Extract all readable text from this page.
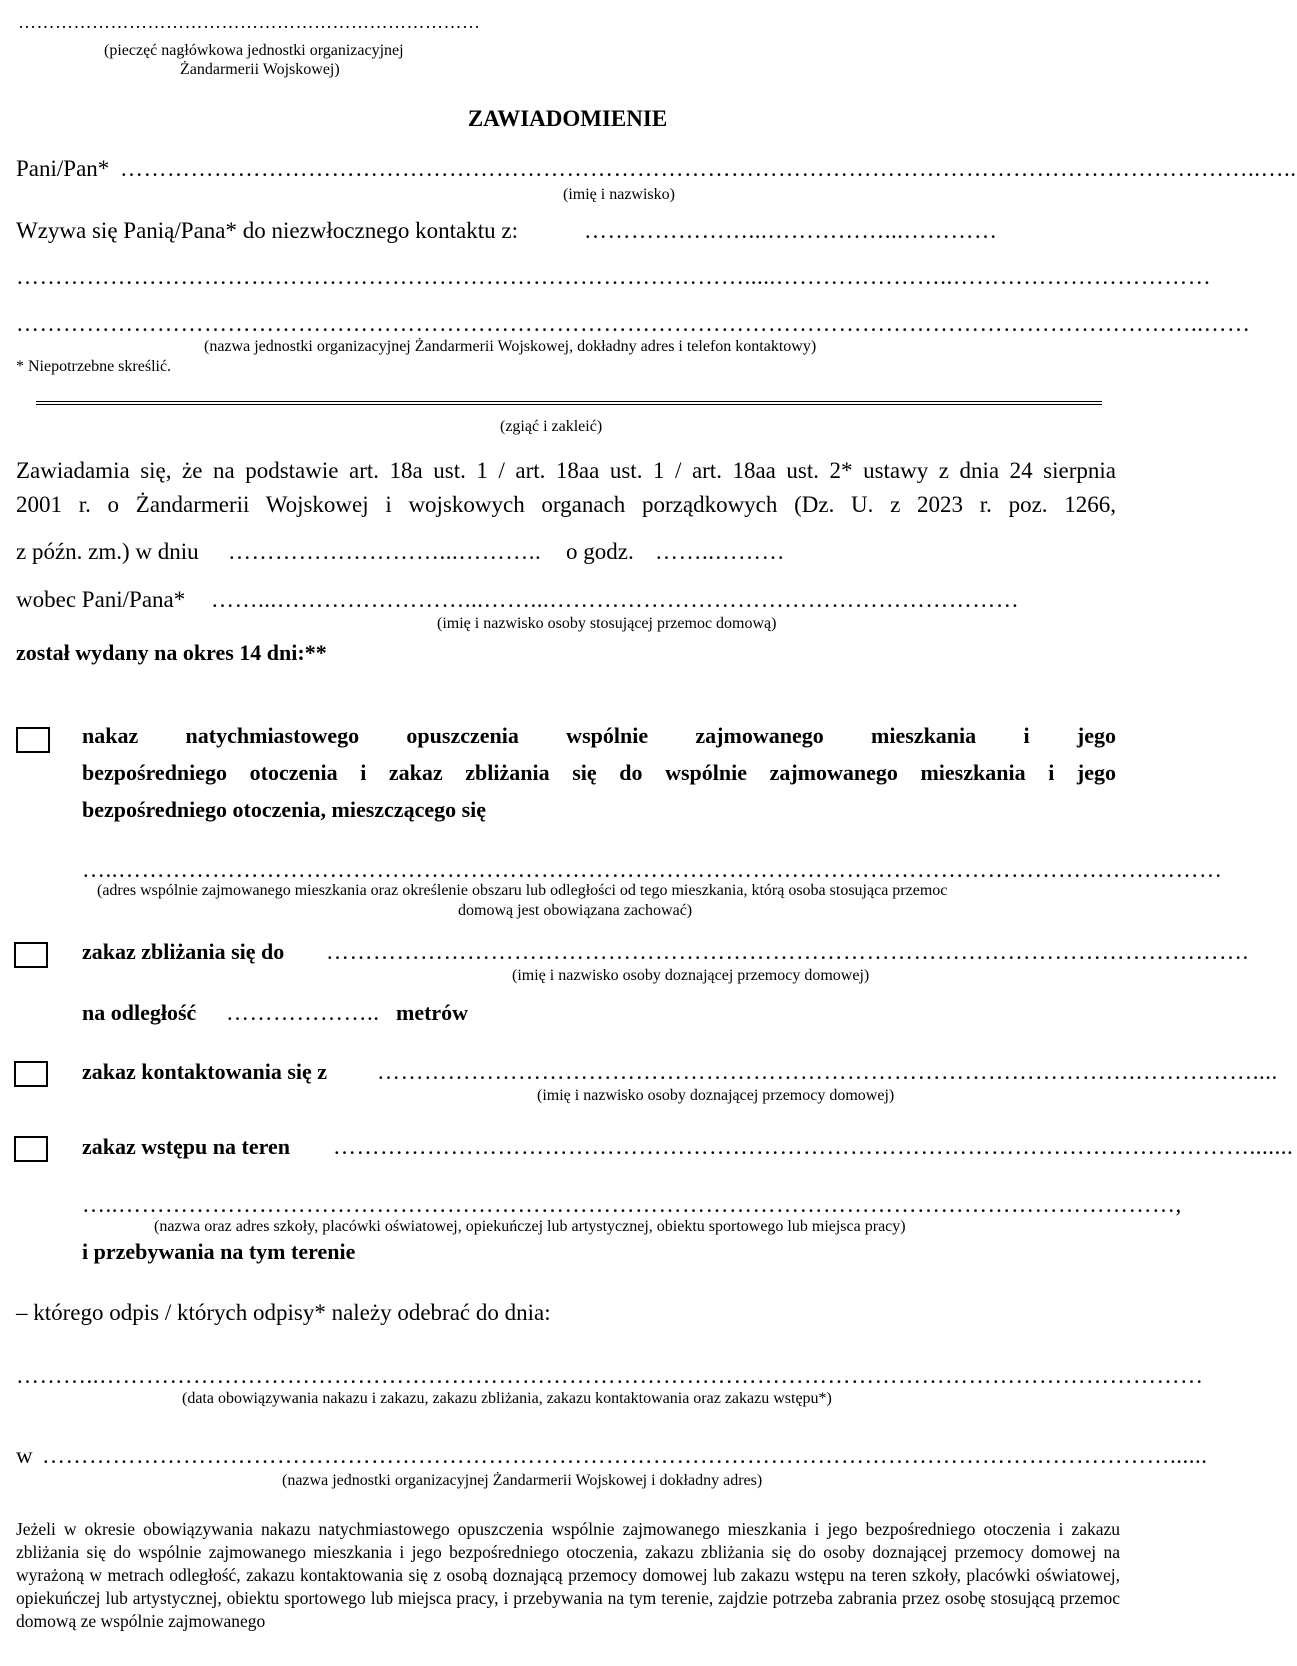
…………………………………………………………………
(pieczęć nagłówkowa jednostki organizacyjnej
Żandarmerii Wojskowej)
ZAWIADOMIENIE
Pani/Pan* ………………………………………………………………………………………………………………………………..…..
(imię i nazwisko)
Wzywa się Panią/Pana* do niezwłocznego kontaktu z:	…………………...……………...…………
………………………………………………………………………………….....…………………..……………………………
……………………………………………………………………………………………………………………………………..……
(nazwa jednostki organizacyjnej Żandarmerii Wojskowej, dokładny adres i telefon kontaktowy)
* Niepotrzebne skreślić.
(zgiąć i zakleić)
Zawiadamia się, że na podstawie art. 18a ust. 1 / art. 18aa ust. 1 / art. 18aa ust. 2* ustawy z dnia 24 sierpnia
2001 r. o Żandarmerii Wojskowej i wojskowych organach porządkowych (Dz. U. z 2023 r. poz. 1266,
z późn. zm.) w dniu ………………………...………..	o godz. ……..………
wobec Pani/Pana* ……...……………………...……...……………………………………………………
(imię i nazwisko osoby stosującej przemoc domową)
został wydany na okres 14 dni:**
nakaz natychmiastowego opuszczenia wspólnie zajmowanego mieszkania i jego
bezpośredniego otoczenia i zakaz zbliżania się do wspólnie zajmowanego mieszkania i jego
bezpośredniego otoczenia, mieszczącego się
…..……………………………………………………………………………………………………………………………
(adres wspólnie zajmowanego mieszkania oraz określenie obszaru lub odległości od tego mieszkania, którą osoba stosująca przemoc
domową jest obowiązana zachować)
zakaz zbliżania się do ……………………………………………………………………………………………………….
(imię i nazwisko osoby doznającej przemocy domowej)
na odległość ……………….. metrów
zakaz kontaktowania się z …………………………………………………………………………………….……………....
(imię i nazwisko osoby doznającej przemocy domowej)
zakaz wstępu na teren ……………………………………………………………………………………………………….......
…..………………………………………………………………………………………………………………………,
(nazwa oraz adres szkoły, placówki oświatowej, opiekuńczej lub artystycznej, obiektu sportowego lub miejsca pracy)
i przebywania na tym terenie
– którego odpis / których odpisy* należy odebrać do dnia:
………..……………………………………………………………………………………………………………………………
(data obowiązywania nakazu i zakazu, zakazu zbliżania, zakazu kontaktowania oraz zakazu wstępu*)
w ………………………………………………………………………………………………………………………………......
(nazwa jednostki organizacyjnej Żandarmerii Wojskowej i dokładny adres)
Jeżeli w okresie obowiązywania nakazu natychmiastowego opuszczenia wspólnie zajmowanego mieszkania i jego bezpośredniego otoczenia i zakazu zbliżania się do wspólnie zajmowanego mieszkania i jego bezpośredniego otoczenia, zakazu zbliżania się do osoby doznającej przemocy domowej na wyrażoną w metrach odległość, zakazu kontaktowania się z osobą doznającą przemocy domowej lub zakazu wstępu na teren szkoły, placówki oświatowej, opiekuńczej lub artystycznej, obiektu sportowego lub miejsca pracy, i przebywania na tym terenie, zajdzie potrzeba zabrania przez osobę stosującą przemoc domową ze wspólnie zajmowanego
